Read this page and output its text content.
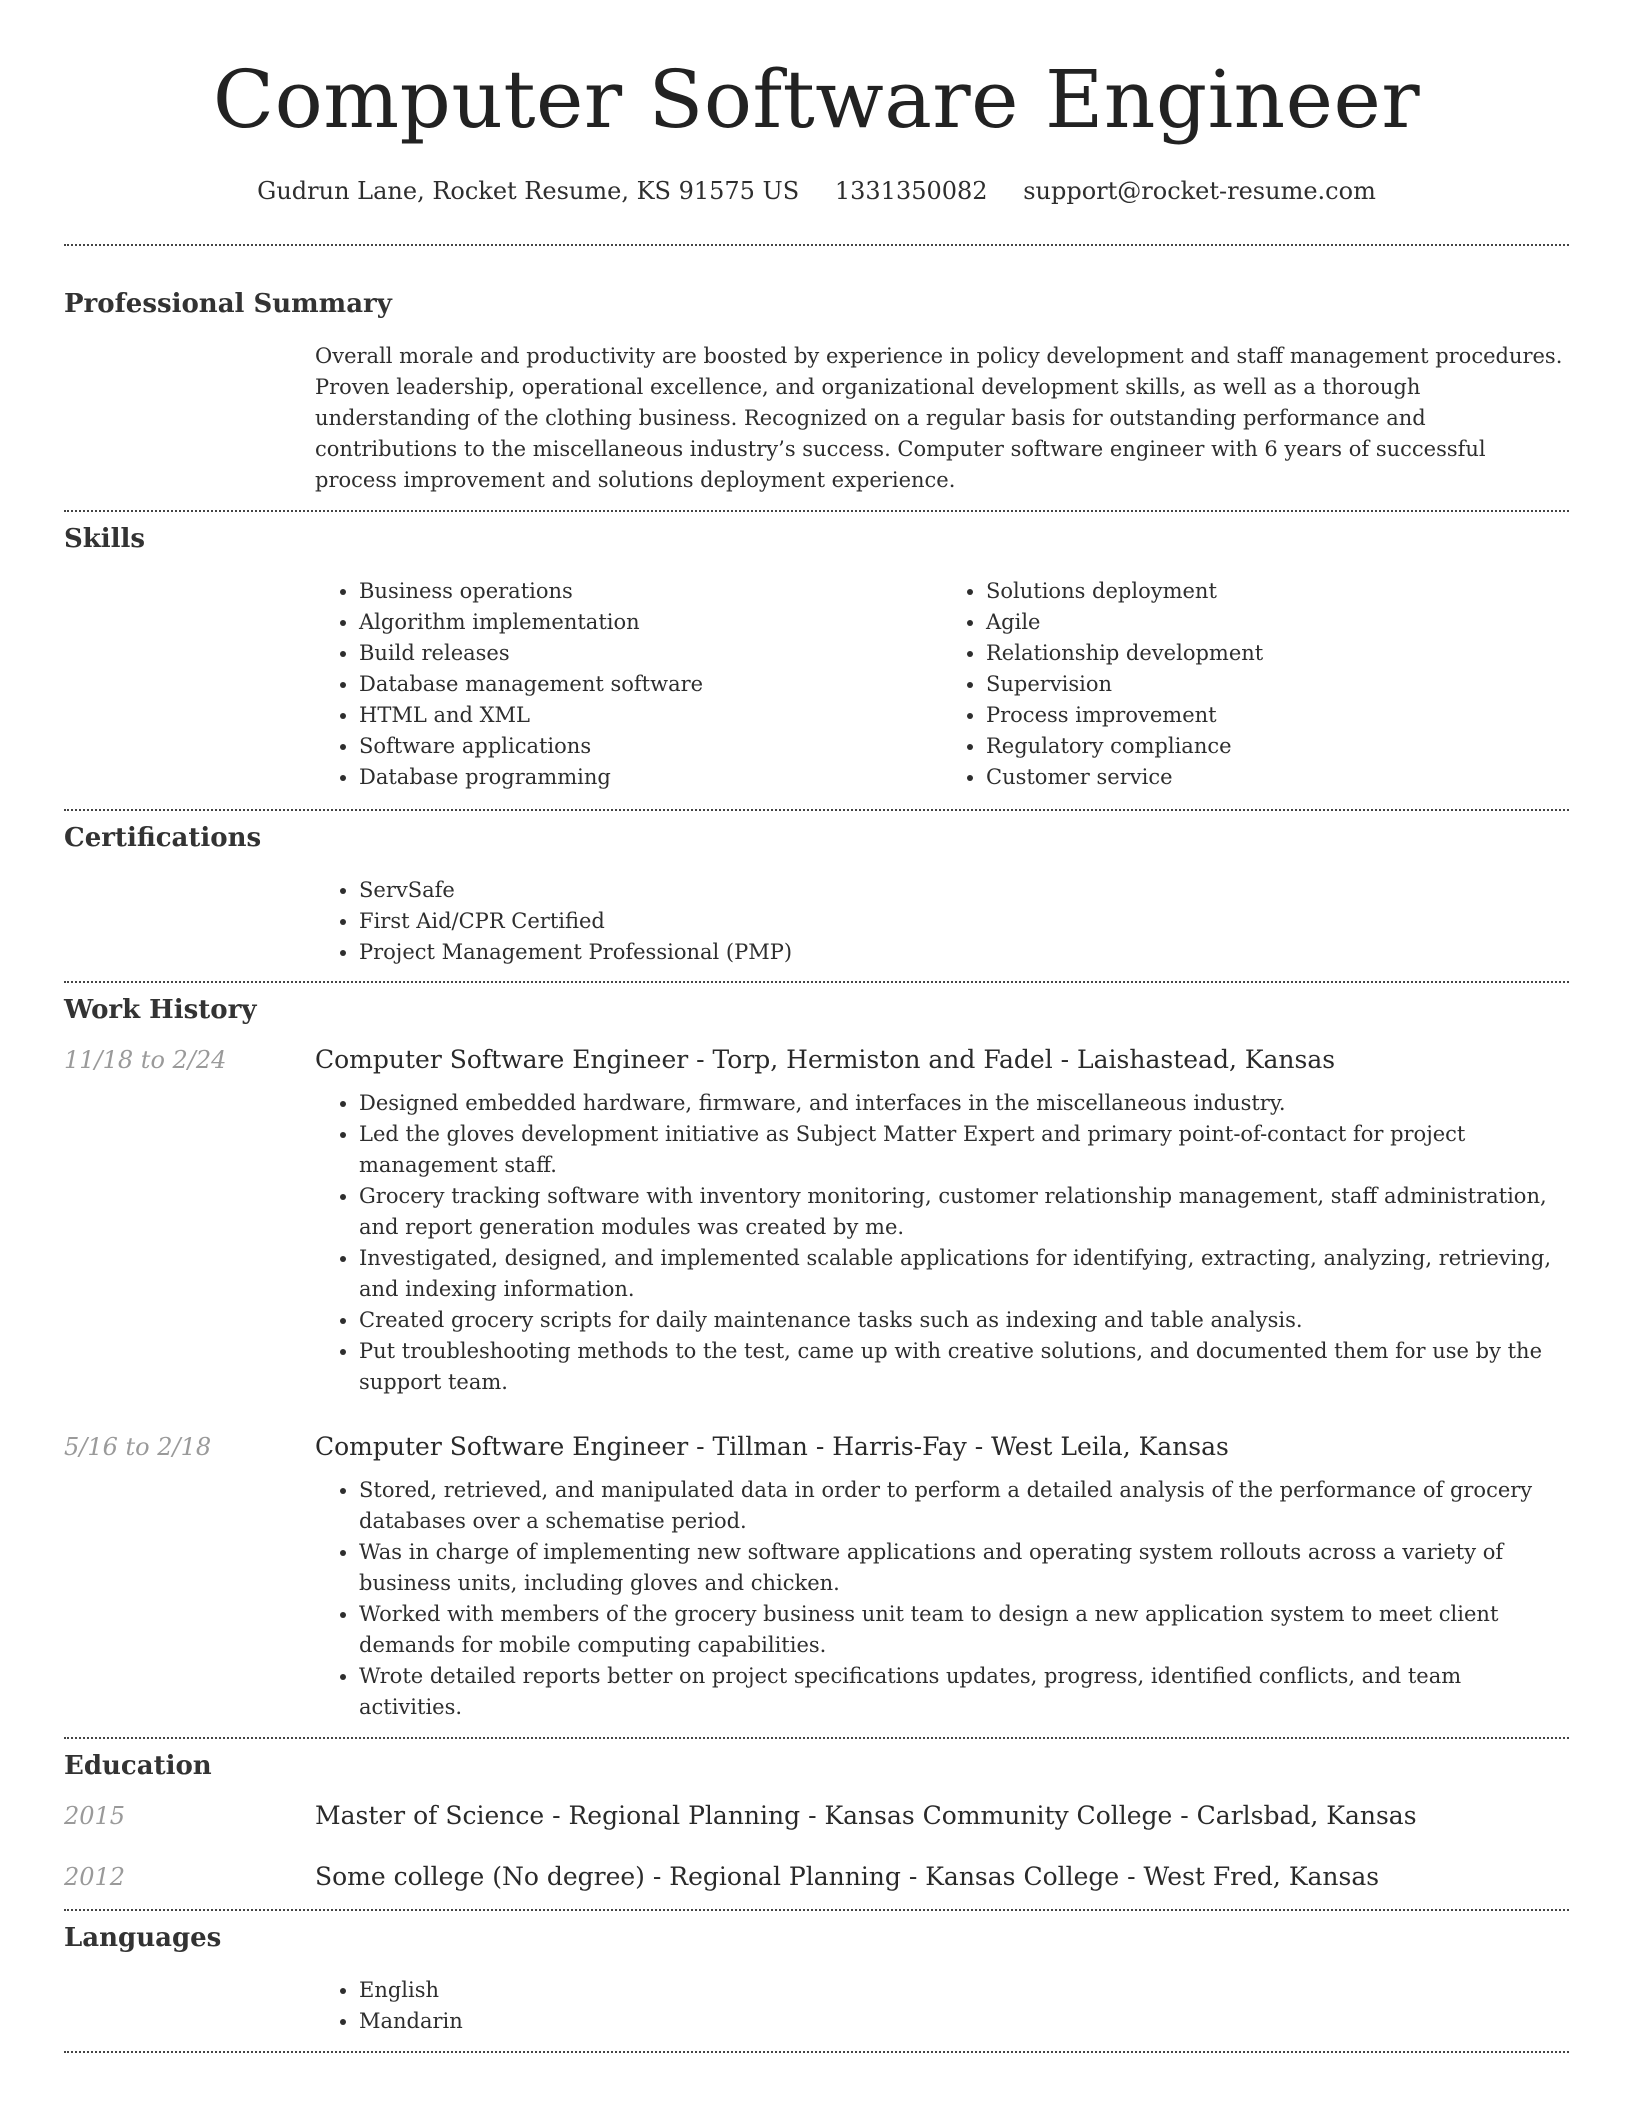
Computer Software Engineer
Gudrun Lane, Rocket Resume, KS 91575 US 1331350082 support@rocket-resume.com
Professional Summary

Overall morale and productivity are boosted by experience in policy development and staff management procedures. Proven leadership, operational excellence, and organizational development skills, as well as a thorough understanding of the clothing business. Recognized on a regular basis for outstanding performance and contributions to the miscellaneous industry’s success. Computer software engineer with 6 years of successful process improvement and solutions deployment experience.

Skills
• Business operations
• Algorithm implementation
• Build releases
• Database management software
• HTML and XML
• Software applications
• Database programming
• Solutions deployment
• Agile
• Relationship development
• Supervision
• Process improvement
• Regulatory compliance
• Customer service
Certifications
• ServSafe
• First Aid/CPR Certified
• Project Management Professional (PMP)
Work History
11/18 to 2/24	Computer Software Engineer - Torp, Hermiston and Fadel - Laishastead, Kansas
• Designed embedded hardware, firmware, and interfaces in the miscellaneous industry.
• Led the gloves development initiative as Subject Matter Expert and primary point-of-contact for project management staff.
• Grocery tracking software with inventory monitoring, customer relationship management, staff administration, and report generation modules was created by me.
• Investigated, designed, and implemented scalable applications for identifying, extracting, analyzing, retrieving, and indexing information.
• Created grocery scripts for daily maintenance tasks such as indexing and table analysis.
• Put troubleshooting methods to the test, came up with creative solutions, and documented them for use by the support team.
5/16 to 2/18	Computer Software Engineer - Tillman - Harris-Fay - West Leila, Kansas
• Stored, retrieved, and manipulated data in order to perform a detailed analysis of the performance of grocery databases over a schematise period.
• Was in charge of implementing new software applications and operating system rollouts across a variety of business units, including gloves and chicken.
• Worked with members of the grocery business unit team to design a new application system to meet client demands for mobile computing capabilities.
• Wrote detailed reports better on project specifications updates, progress, identified conflicts, and team activities.
Education
2015	Master of Science - Regional Planning - Kansas Community College - Carlsbad, Kansas
2012	Some college (No degree) - Regional Planning - Kansas College - West Fred, Kansas
Languages
• English
• Mandarin
